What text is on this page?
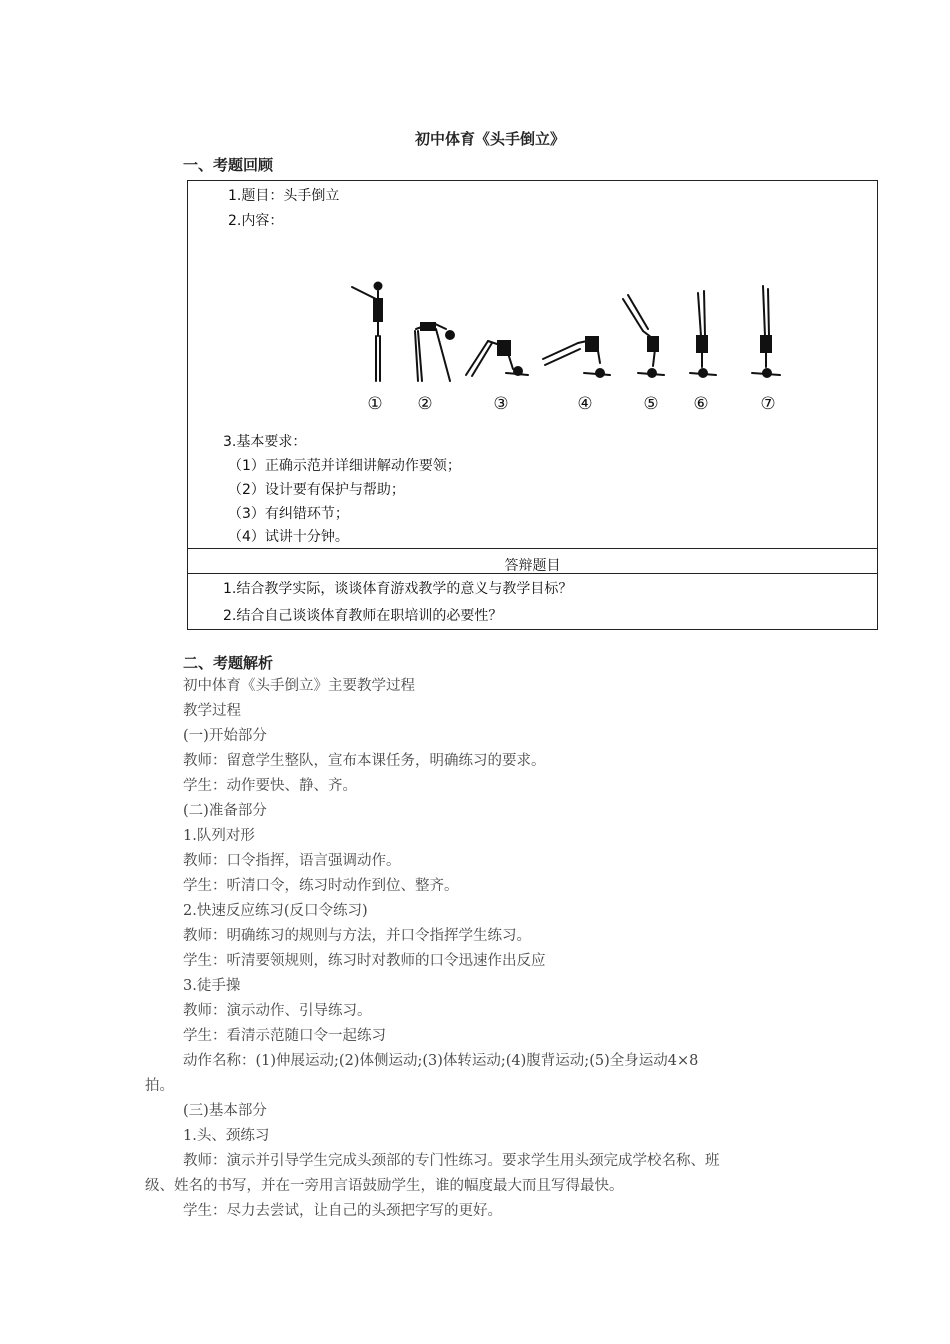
初中体育《头手倒立》
一、考题回顾
1.题目：头手倒立
2.内容：
① ②	③	④	⑤ ⑥	⑦
3.基本要求：
（1）正确示范并详细讲解动作要领；
（2）设计要有保护与帮助；
（3）有纠错环节；
（4）试讲十分钟。
答辩题目
1.结合教学实际，谈谈体育游戏教学的意义与教学目标？
2.结合自己谈谈体育教师在职培训的必要性？
二、考题解析
初中体育《头手倒立》主要教学过程
教学过程
(一)开始部分
教师：留意学生整队，宣布本课任务，明确练习的要求。
学生：动作要快、静、齐。
(二)准备部分
1.队列对形
教师：口令指挥，语言强调动作。
学生：听清口令，练习时动作到位、整齐。
2.快速反应练习(反口令练习)
教师：明确练习的规则与方法，并口令指挥学生练习。
学生：听清要领规则，练习时对教师的口令迅速作出反应
3.徒手操
教师：演示动作、引导练习。
学生：看清示范随口令一起练习
动作名称：(1)伸展运动;(2)体侧运动;(3)体转运动;(4)腹背运动;(5)全身运动4×8
拍。
(三)基本部分
1.头、颈练习
教师：演示并引导学生完成头颈部的专门性练习。要求学生用头颈完成学校名称、班
级、姓名的书写，并在一旁用言语鼓励学生，谁的幅度最大而且写得最快。
学生：尽力去尝试，让自己的头颈把字写的更好。
